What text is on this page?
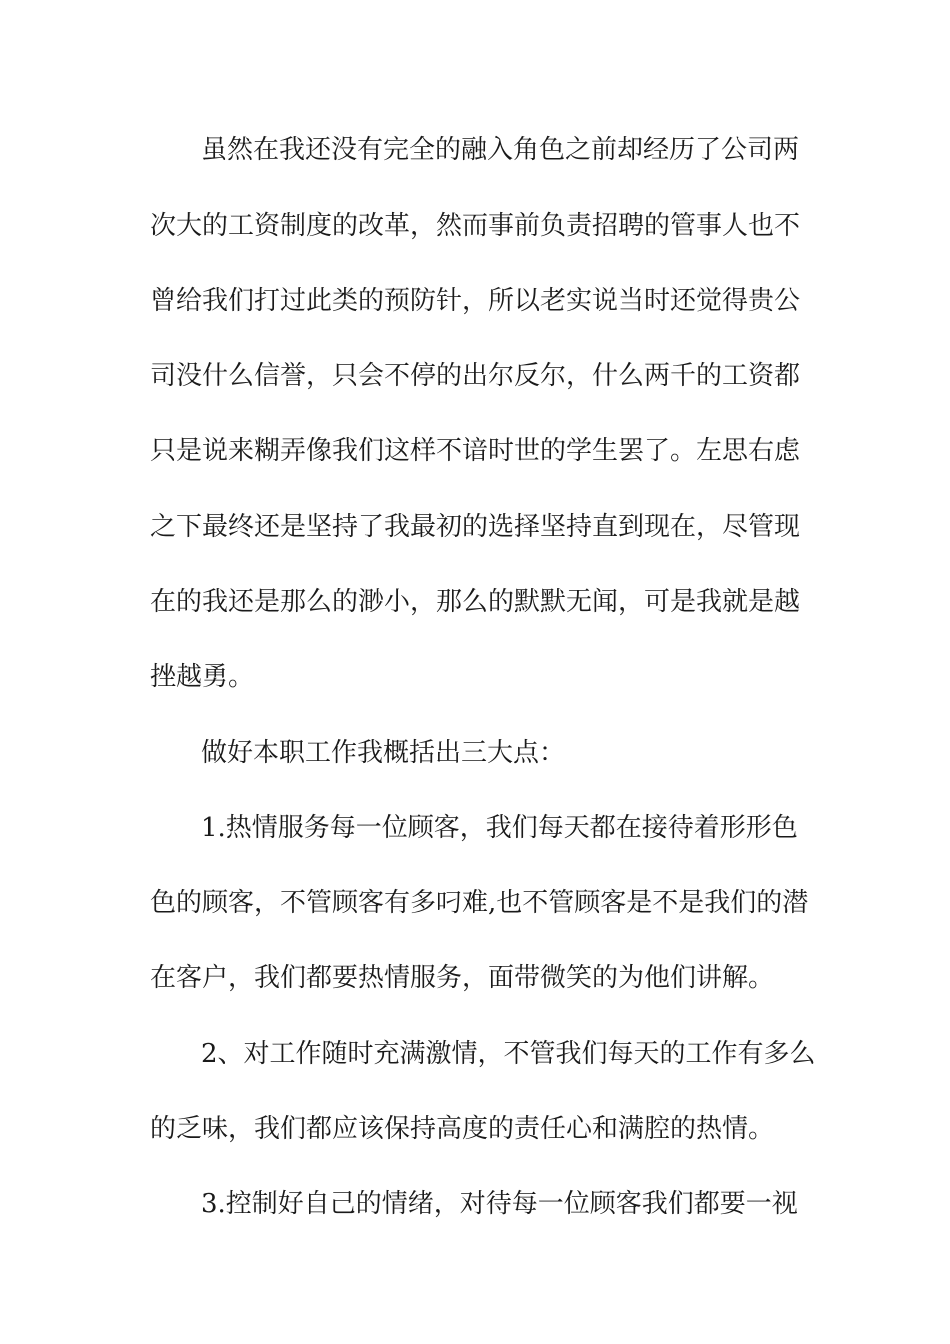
虽然在我还没有完全的融入角色之前却经历了公司两

次大的工资制度的改革，然而事前负责招聘的管事人也不

曾给我们打过此类的预防针，所以老实说当时还觉得贵公

司没什么信誉，只会不停的出尔反尔，什么两千的工资都

只是说来糊弄像我们这样不谙时世的学生罢了。左思右虑

之下最终还是坚持了我最初的选择坚持直到现在，尽管现

在的我还是那么的渺小，那么的默默无闻，可是我就是越

挫越勇。

做好本职工作我概括出三大点：

1.热情服务每一位顾客，我们每天都在接待着形形色

色的顾客，不管顾客有多叼难,也不管顾客是不是我们的潜

在客户，我们都要热情服务，面带微笑的为他们讲解。

2、对工作随时充满激情，不管我们每天的工作有多么

的乏味，我们都应该保持高度的责任心和满腔的热情。

3.控制好自己的情绪，对待每一位顾客我们都要一视
